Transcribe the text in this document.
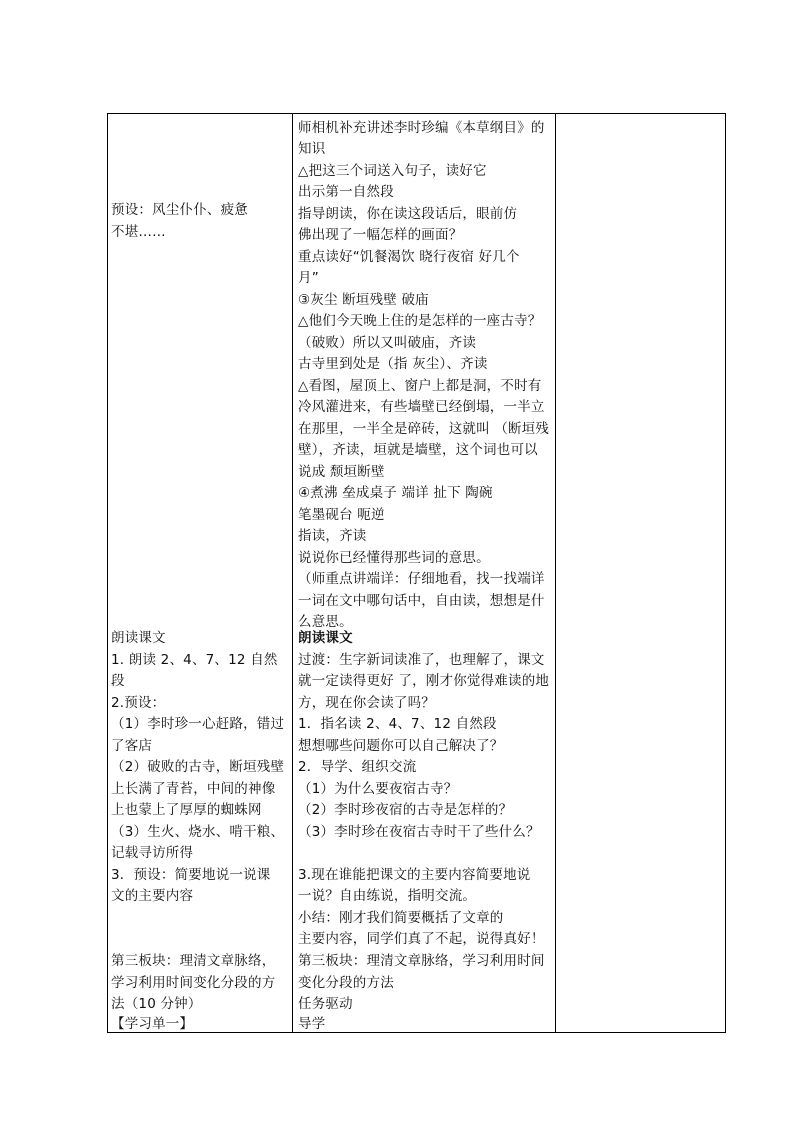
预设：风尘仆仆、疲惫
不堪……
朗读课文
1. 朗读 2、4、7、12 自然
段
2.预设：
（1）李时珍一心赶路，错过
了客店
（2）破败的古寺，断垣残壁
上长满了青苔，中间的神像
上也蒙上了厚厚的蜘蛛网
（3）生火、烧水、啃干粮、
记载寻访所得
3．预设：简要地说一说课
文的主要内容
第三板块：理清文章脉络，
学习利用时间变化分段的方
法（10 分钟）
【学习单一】
师相机补充讲述李时珍编《本草纲目》的
知识
△把这三个词送入句子，读好它
出示第一自然段
指导朗读，你在读这段话后，眼前仿
佛出现了一幅怎样的画面？
重点读好“饥餐渴饮 晓行夜宿 好几个
月”
③灰尘 断垣残壁 破庙
△他们今天晚上住的是怎样的一座古寺？
（破败）所以又叫破庙，齐读
古寺里到处是（指 灰尘）、齐读
△看图，屋顶上、窗户上都是洞，不时有
冷风灌进来，有些墙壁已经倒塌，一半立
在那里，一半全是碎砖，这就叫 （断垣残
壁），齐读，垣就是墙壁，这个词也可以
说成 颓垣断壁
④煮沸 垒成桌子 端详 扯下 陶碗
笔墨砚台 呃逆
指读，齐读
说说你已经懂得那些词的意思。
（师重点讲端详：仔细地看，找一找端详
一词在文中哪句话中，自由读，想想是什
么意思。
朗读课文
过渡：生字新词读准了，也理解了，课文
就一定读得更好 了，刚才你觉得难读的地
方，现在你会读了吗？
1．指名读 2、4、7、12 自然段
想想哪些问题你可以自己解决了？
2．导学、组织交流
（1）为什么要夜宿古寺？
（2）李时珍夜宿的古寺是怎样的？
（3）李时珍在夜宿古寺时干了些什么？
3.现在谁能把课文的主要内容简要地说
一说？自由练说，指明交流。
小结：刚才我们简要概括了文章的
主要内容，同学们真了不起，说得真好！
第三板块：理清文章脉络，学习利用时间
变化分段的方法
任务驱动
导学
